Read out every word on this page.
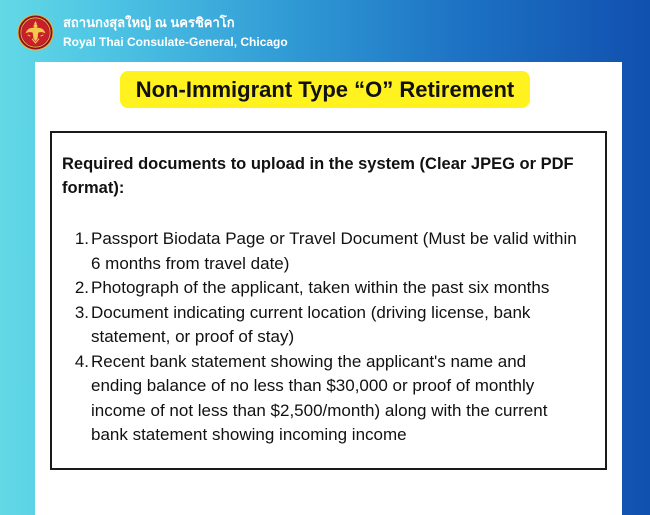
สถานกงสุลใหญ่ ณ นครชิคาโก
Royal Thai Consulate-General, Chicago
Non-Immigrant Type “O” Retirement
Required documents to upload in the system (Clear JPEG or PDF format):
1. Passport Biodata Page or Travel Document (Must be valid within
6 months from travel date)
2. Photograph of the applicant, taken within the past six months
3. Document indicating current location (driving license, bank
statement, or proof of stay)
4. Recent bank statement showing the applicant's name and
ending balance of no less than $30,000 or proof of monthly
income of not less than $2,500/month) along with the current
bank statement showing incoming income
